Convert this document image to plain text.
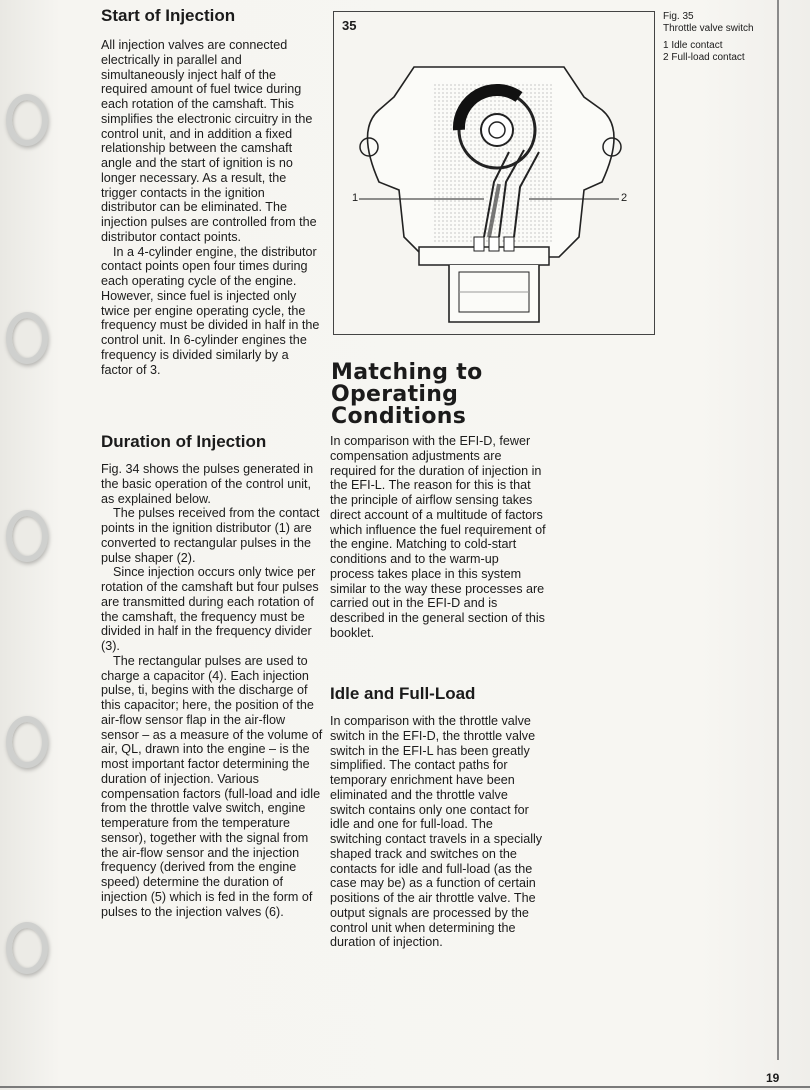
Start of Injection

All injection valves are connected electrically in parallel and simultaneously inject half of the required amount of fuel twice during each rotation of the camshaft. This simplifies the electronic circuitry in the control unit, and in addition a fixed relationship between the camshaft angle and the start of ignition is no longer necessary. As a result, the trigger contacts in the ignition distributor can be eliminated. The injection pulses are controlled from the distributor contact points.

In a 4-cylinder engine, the distributor contact points open four times during each operating cycle of the engine. However, since fuel is injected only twice per engine operating cycle, the frequency must be divided in half in the control unit. In 6-cylinder engines the frequency is divided similarly by a factor of 3.

Duration of Injection

Fig. 34 shows the pulses generated in the basic operation of the control unit, as explained below.

The pulses received from the contact points in the ignition distributor (1) are converted to rectangular pulses in the pulse shaper (2).

Since injection occurs only twice per rotation of the camshaft but four pulses are transmitted during each rotation of the camshaft, the frequency must be divided in half in the frequency divider (3).

The rectangular pulses are used to charge a capacitor (4). Each injection pulse, ti, begins with the discharge of this capacitor; here, the position of the air-flow sensor flap in the air-flow sensor – as a measure of the volume of air, QL, drawn into the engine – is the most important factor determining the duration of injection. Various compensation factors (full-load and idle from the throttle valve switch, engine temperature from the temperature sensor), together with the signal from the air-flow sensor and the injection frequency (derived from the engine speed) determine the duration of injection (5) which is fed in the form of pulses to the injection valves (6).

35
1	2
Fig. 35
Throttle valve switch
1 Idle contact
2 Full-load contact
Matching to
Operating
Conditions

In comparison with the EFI-D, fewer compensation adjustments are required for the duration of injection in the EFI-L. The reason for this is that the principle of airflow sensing takes direct account of a multitude of factors which influence the fuel requirement of the engine. Matching to cold-start conditions and to the warm-up process takes place in this system similar to the way these processes are carried out in the EFI-D and is described in the general section of this booklet.

Idle and Full-Load

In comparison with the throttle valve switch in the EFI-D, the throttle valve switch in the EFI-L has been greatly simplified. The contact paths for temporary enrichment have been eliminated and the throttle valve switch contains only one contact for idle and one for full-load. The switching contact travels in a specially shaped track and switches on the contacts for idle and full-load (as the case may be) as a function of certain positions of the air throttle valve. The output signals are processed by the control unit when determining the duration of injection.

19
